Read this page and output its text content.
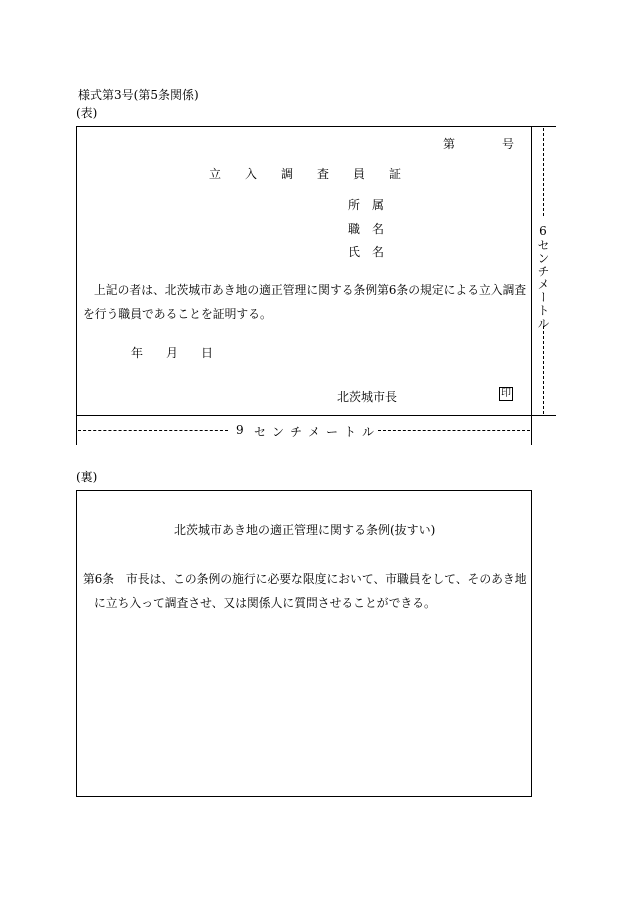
様式第3号(第5条関係)
(表)
第	号
立 入 調 査 員 証
所 属
職 名
氏 名
上記の者は、北茨城市あき地の適正管理に関する条例第6条の規定による立入調査
を行う職員であることを証明する。
年 月 日
北茨城市長	印
6センチメートル
9 セ ン チ メ ー ト ル
(裏)
北茨城市あき地の適正管理に関する条例(抜すい)
第6条　市長は、この条例の施行に必要な限度において、市職員をして、そのあき地
に立ち入って調査させ、又は関係人に質問させることができる。
